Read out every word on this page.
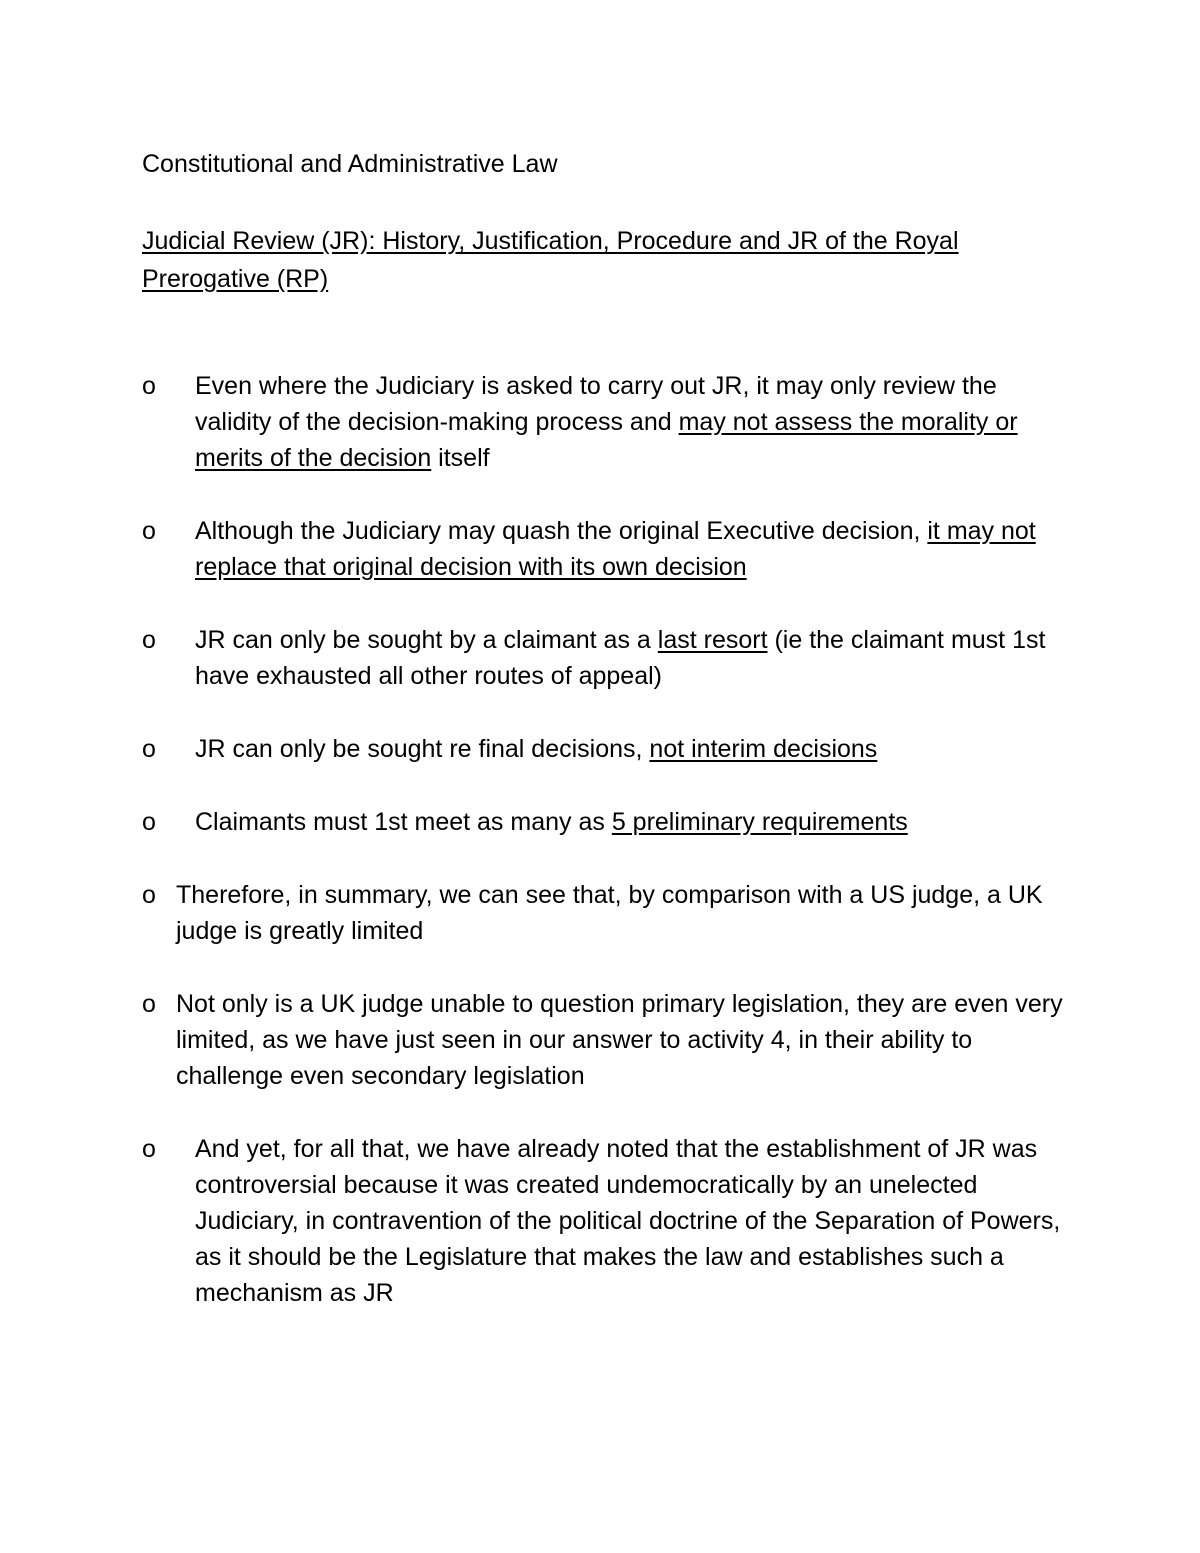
Constitutional and Administrative Law
Judicial Review (JR): History, Justification, Procedure and JR of the Royal Prerogative (RP)
o	Even where the Judiciary is asked to carry out JR, it may only review the validity of the decision-making process and may not assess the morality or merits of the decision itself
o	Although the Judiciary may quash the original Executive decision, it may not replace that original decision with its own decision
o	JR can only be sought by a claimant as a last resort (ie the claimant must 1st have exhausted all other routes of appeal)
o	JR can only be sought re final decisions, not interim decisions
o	Claimants must 1st meet as many as 5 preliminary requirements
o Therefore, in summary, we can see that, by comparison with a US judge, a UK judge is greatly limited
o Not only is a UK judge unable to question primary legislation, they are even very limited, as we have just seen in our answer to activity 4, in their ability to challenge even secondary legislation
o	And yet, for all that, we have already noted that the establishment of JR was controversial because it was created undemocratically by an unelected Judiciary, in contravention of the political doctrine of the Separation of Powers, as it should be the Legislature that makes the law and establishes such a mechanism as JR
